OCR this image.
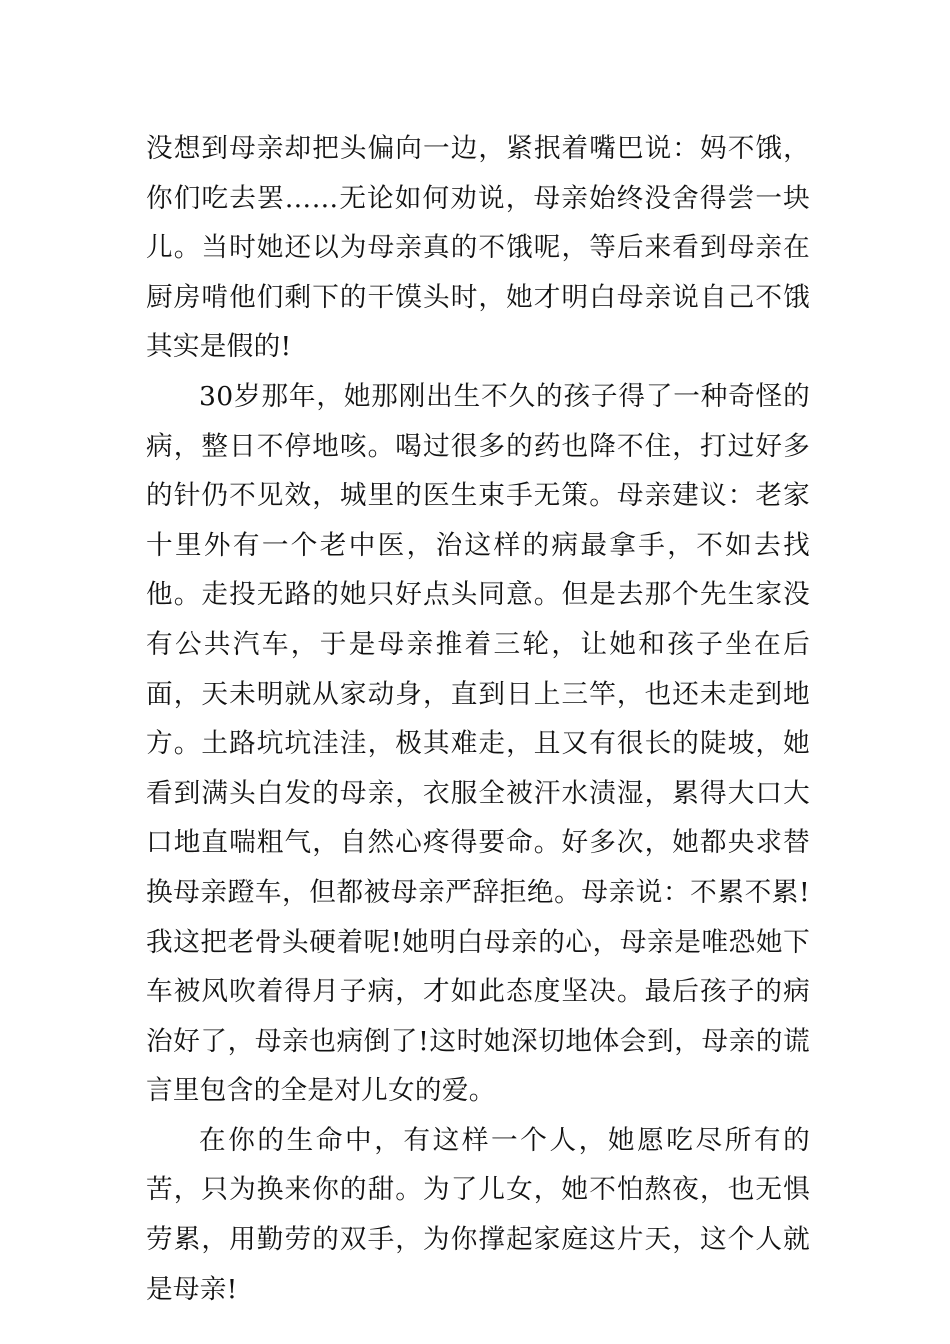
没想到母亲却把头偏向一边，紧抿着嘴巴说：妈不饿，你们吃去罢……无论如何劝说，母亲始终没舍得尝一块儿。当时她还以为母亲真的不饿呢，等后来看到母亲在厨房啃他们剩下的干馍头时，她才明白母亲说自己不饿其实是假的!

30岁那年，她那刚出生不久的孩子得了一种奇怪的病，整日不停地咳。喝过很多的药也降不住，打过好多的针仍不见效，城里的医生束手无策。母亲建议：老家十里外有一个老中医，治这样的病最拿手，不如去找他。走投无路的她只好点头同意。但是去那个先生家没有公共汽车，于是母亲推着三轮，让她和孩子坐在后面，天未明就从家动身，直到日上三竿，也还未走到地方。土路坑坑洼洼，极其难走，且又有很长的陡坡，她看到满头白发的母亲，衣服全被汗水渍湿，累得大口大口地直喘粗气，自然心疼得要命。好多次，她都央求替换母亲蹬车，但都被母亲严辞拒绝。母亲说：不累不累!我这把老骨头硬着呢!她明白母亲的心，母亲是唯恐她下车被风吹着得月子病，才如此态度坚决。最后孩子的病治好了，母亲也病倒了!这时她深切地体会到，母亲的谎言里包含的全是对儿女的爱。

在你的生命中，有这样一个人，她愿吃尽所有的苦，只为换来你的甜。为了儿女，她不怕熬夜，也无惧劳累，用勤劳的双手，为你撑起家庭这片天，这个人就是母亲!
